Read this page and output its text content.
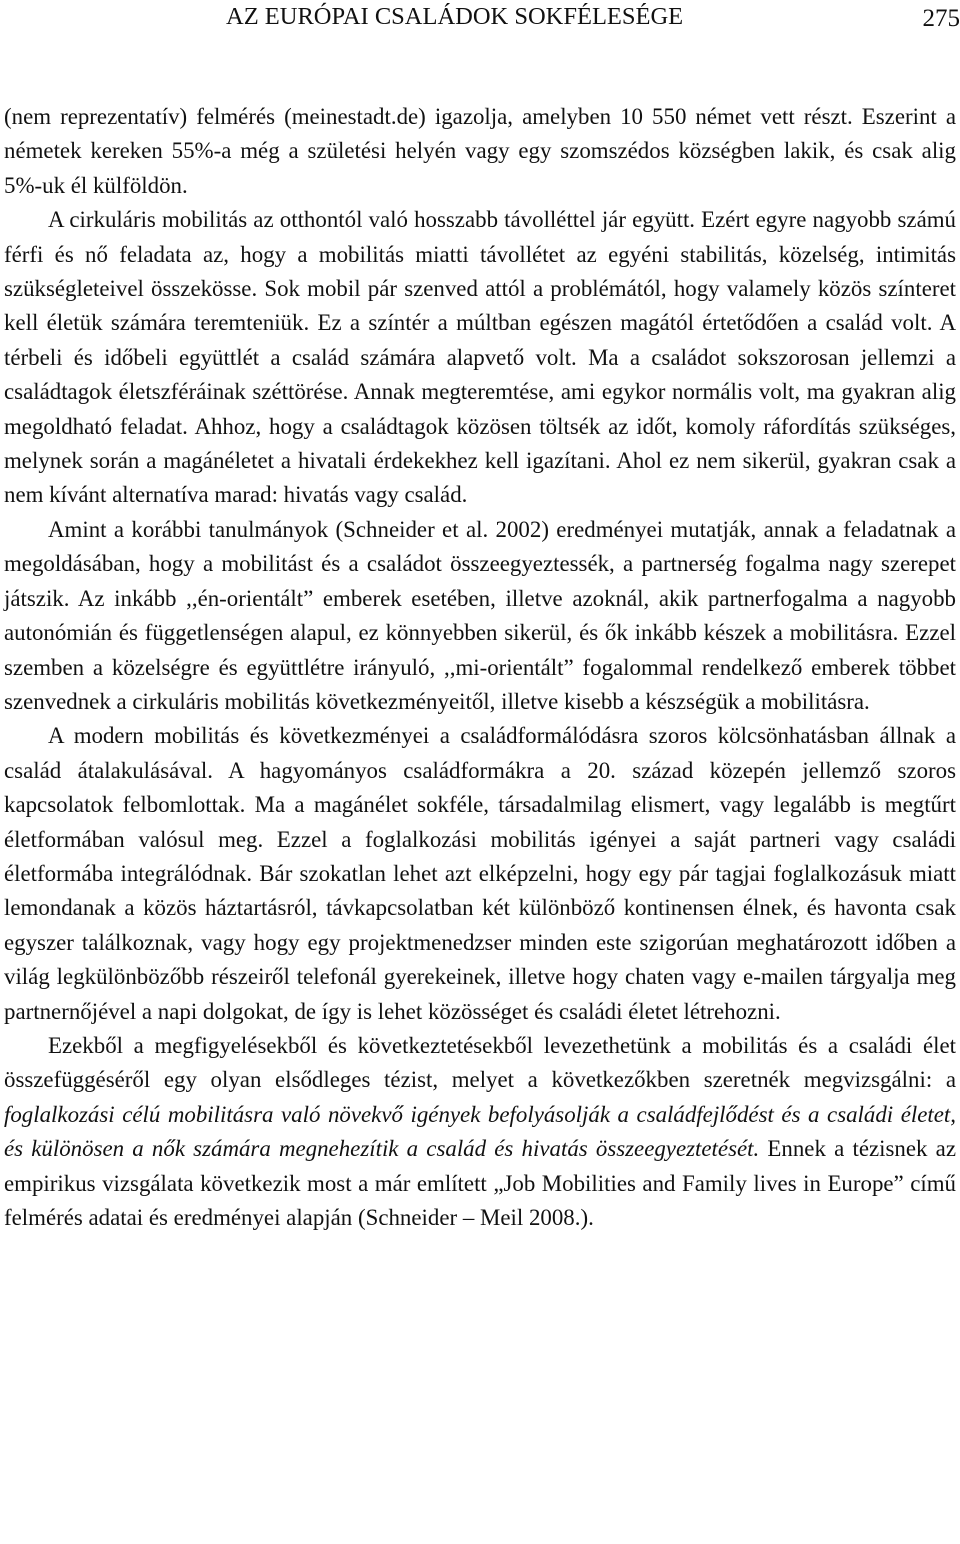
AZ EURÓPAI CSALÁDOK SOKFÉLESÉGE	275

(nem reprezentatív) felmérés (meinestadt.de) igazolja, amelyben 10 550 német vett részt. Eszerint a németek kereken 55%-a még a születési helyén vagy egy szomszédos községben lakik, és csak alig 5%-uk él külföldön.

A cirkuláris mobilitás az otthontól való hosszabb távolléttel jár együtt. Ezért egyre nagyobb számú férfi és nő feladata az, hogy a mobilitás miatti távollétet az egyéni stabilitás, közelség, intimitás szükségleteivel összekösse. Sok mobil pár szenved attól a problémától, hogy valamely közös színteret kell életük számára teremteniük. Ez a színtér a múltban egészen magától értetődően a család volt. A térbeli és időbeli együttlét a család számára alapvető volt. Ma a családot sokszorosan jellemzi a családtagok életszféráinak széttörése. Annak megteremtése, ami egykor normális volt, ma gyakran alig megoldható feladat. Ahhoz, hogy a családtagok közösen töltsék az időt, komoly ráfordítás szükséges, melynek során a magánéletet a hivatali érdekekhez kell igazítani. Ahol ez nem sikerül, gyakran csak a nem kívánt alternatíva marad: hivatás vagy család.

Amint a korábbi tanulmányok (Schneider et al. 2002) eredményei mutatják, annak a feladatnak a megoldásában, hogy a mobilitást és a családot összeegyeztessék, a partnerség fogalma nagy szerepet játszik. Az inkább ,,én-orientált” emberek esetében, illetve azoknál, akik partnerfogalma a nagyobb autonómián és függetlenségen alapul, ez könnyebben sikerül, és ők inkább készek a mobilitásra. Ezzel szemben a közelségre és együttlétre irányuló, ,,mi-orientált” fogalommal rendelkező emberek többet szenvednek a cirkuláris mobilitás következményeitől, illetve kisebb a készségük a mobilitásra.

A modern mobilitás és következményei a családformálódásra szoros kölcsönhatásban állnak a család átalakulásával. A hagyományos családformákra a 20. század közepén jellemző szoros kapcsolatok felbomlottak. Ma a magánélet sokféle, társadalmilag elismert, vagy legalább is megtűrt életformában valósul meg. Ezzel a foglalkozási mobilitás igényei a saját partneri vagy családi életformába integrálódnak. Bár szokatlan lehet azt elképzelni, hogy egy pár tagjai foglalkozásuk miatt lemondanak a közös háztartásról, távkapcsolatban két különböző kontinensen élnek, és havonta csak egyszer találkoznak, vagy hogy egy projektmenedzser minden este szigorúan meghatározott időben a világ legkülönbözőbb részeiről telefonál gyerekeinek, illetve hogy chaten vagy e-mailen tárgyalja meg partnernőjével a napi dolgokat, de így is lehet közösséget és családi életet létrehozni.

Ezekből a megfigyelésekből és következtetésekből levezethetünk a mobilitás és a családi élet összefüggéséről egy olyan elsődleges tézist, melyet a következőkben szeretnék megvizsgálni: a foglalkozási célú mobilitásra való növekvő igények befolyásolják a családfejlődést és a családi életet, és különösen a nők számára megnehezítik a család és hivatás összeegyeztetését. Ennek a tézisnek az empirikus vizsgálata következik most a már említett „Job Mobilities and Family lives in Europe” című felmérés adatai és eredményei alapján (Schneider – Meil 2008.).
